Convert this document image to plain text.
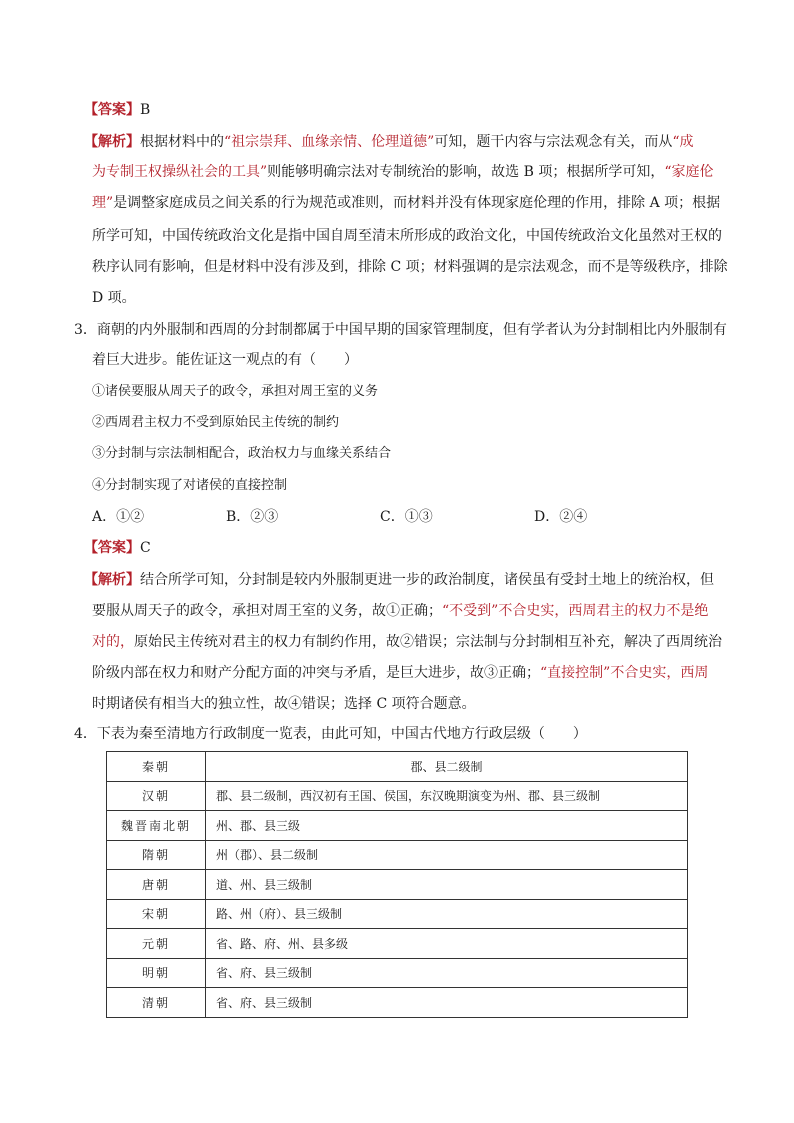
【答案】B
【解析】根据材料中的“祖宗崇拜、血缘亲情、伦理道德”可知，题干内容与宗法观念有关，而从“成
为专制王权操纵社会的工具”则能够明确宗法对专制统治的影响，故选 B 项；根据所学可知，“家庭伦
理”是调整家庭成员之间关系的行为规范或准则，而材料并没有体现家庭伦理的作用，排除 A 项；根据
所学可知，中国传统政治文化是指中国自周至清末所形成的政治文化，中国传统政治文化虽然对王权的
秩序认同有影响，但是材料中没有涉及到，排除 C 项；材料强调的是宗法观念，而不是等级秩序，排除
D 项。
3．商朝的内外服制和西周的分封制都属于中国早期的国家管理制度，但有学者认为分封制相比内外服制有
着巨大进步。能佐证这一观点的有（　　）
①诸侯要服从周天子的政令，承担对周王室的义务
②西周君主权力不受到原始民主传统的制约
③分封制与宗法制相配合，政治权力与血缘关系结合
④分封制实现了对诸侯的直接控制
A．①②	B．②③	C．①③	D．②④
【答案】C
【解析】结合所学可知，分封制是较内外服制更进一步的政治制度，诸侯虽有受封土地上的统治权，但
要服从周天子的政令，承担对周王室的义务，故①正确；“不受到”不合史实，西周君主的权力不是绝
对的，原始民主传统对君主的权力有制约作用，故②错误；宗法制与分封制相互补充，解决了西周统治
阶级内部在权力和财产分配方面的冲突与矛盾，是巨大进步，故③正确；“直接控制”不合史实，西周
时期诸侯有相当大的独立性，故④错误；选择 C 项符合题意。
4．下表为秦至清地方行政制度一览表，由此可知，中国古代地方行政层级（　　）
秦朝	郡、县二级制
汉朝	郡、县二级制，西汉初有王国、侯国，东汉晚期演变为州、郡、县三级制
魏晋南北朝	州、郡、县三级
隋朝	州（郡）、县二级制
唐朝	道、州、县三级制
宋朝	路、州（府）、县三级制
元朝	省、路、府、州、县多级
明朝	省、府、县三级制
清朝	省、府、县三级制
